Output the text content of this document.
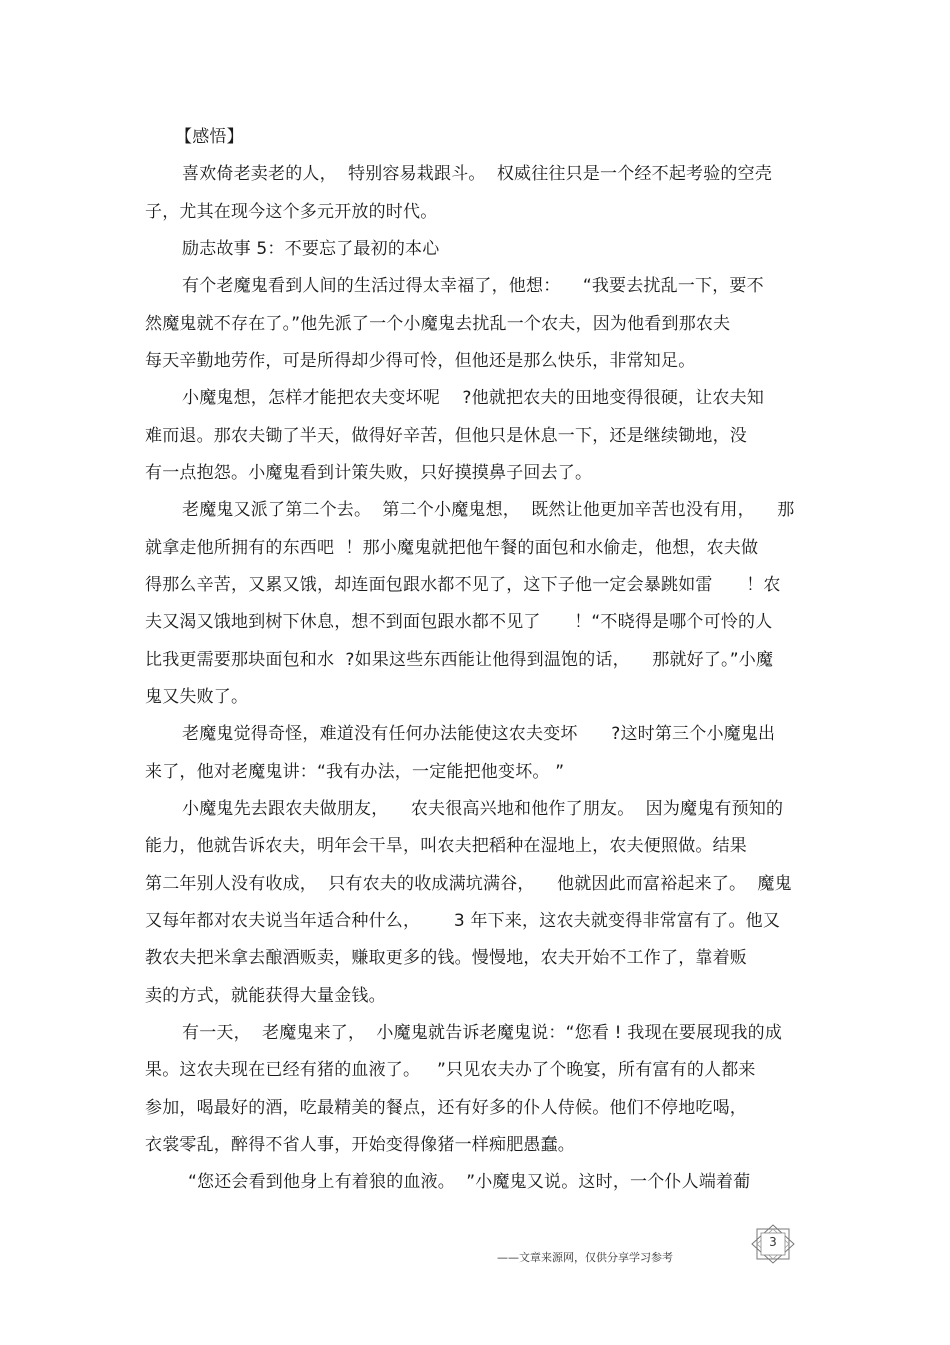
【感悟】
喜欢倚老卖老的人，  特别容易栽跟斗。  权威往往只是一个经不起考验的空壳
子，尤其在现今这个多元开放的时代。
励志故事 5：不要忘了最初的本心
有个老魔鬼看到人间的生活过得太幸福了，他想：    “我要去扰乱一下，要不
然魔鬼就不存在了。”他先派了一个小魔鬼去扰乱一个农夫，因为他看到那农夫
每天辛勤地劳作，可是所得却少得可怜，但他还是那么快乐，非常知足。
小魔鬼想，怎样才能把农夫变坏呢    ?他就把农夫的田地变得很硬，让农夫知
难而退。那农夫锄了半天，做得好辛苦，但他只是休息一下，还是继续锄地，没
有一点抱怨。小魔鬼看到计策失败，只好摸摸鼻子回去了。
老魔鬼又派了第二个去。  第二个小魔鬼想，  既然让他更加辛苦也没有用，    那
就拿走他所拥有的东西吧  ！那小魔鬼就把他午餐的面包和水偷走，他想，农夫做
得那么辛苦，又累又饿，却连面包跟水都不见了，这下子他一定会暴跳如雷      ！农
夫又渴又饿地到树下休息，想不到面包跟水都不见了      ！“不晓得是哪个可怜的人
比我更需要那块面包和水  ?如果这些东西能让他得到温饱的话，    那就好了。”小魔
鬼又失败了。
老魔鬼觉得奇怪，难道没有任何办法能使这农夫变坏      ?这时第三个小魔鬼出
来了，他对老魔鬼讲：“我有办法，一定能把他变坏。 ”
小魔鬼先去跟农夫做朋友，    农夫很高兴地和他作了朋友。  因为魔鬼有预知的
能力，他就告诉农夫，明年会干旱，叫农夫把稻种在湿地上，农夫便照做。结果
第二年别人没有收成，  只有农夫的收成满坑满谷，    他就因此而富裕起来了。  魔鬼
又每年都对农夫说当年适合种什么，      3 年下来，这农夫就变得非常富有了。他又
教农夫把米拿去酿酒贩卖，赚取更多的钱。慢慢地，农夫开始不工作了，靠着贩
卖的方式，就能获得大量金钱。
有一天，  老魔鬼来了，  小魔鬼就告诉老魔鬼说：“您看 ! 我现在要展现我的成
果。这农夫现在已经有猪的血液了。   ”只见农夫办了个晚宴，所有富有的人都来
参加，喝最好的酒，吃最精美的餐点，还有好多的仆人侍候。他们不停地吃喝，
衣裳零乱，醉得不省人事，开始变得像猪一样痴肥愚蠢。
“您还会看到他身上有着狼的血液。  ”小魔鬼又说。这时，一个仆人端着葡
3
——文章来源网，仅供分享学习参考
